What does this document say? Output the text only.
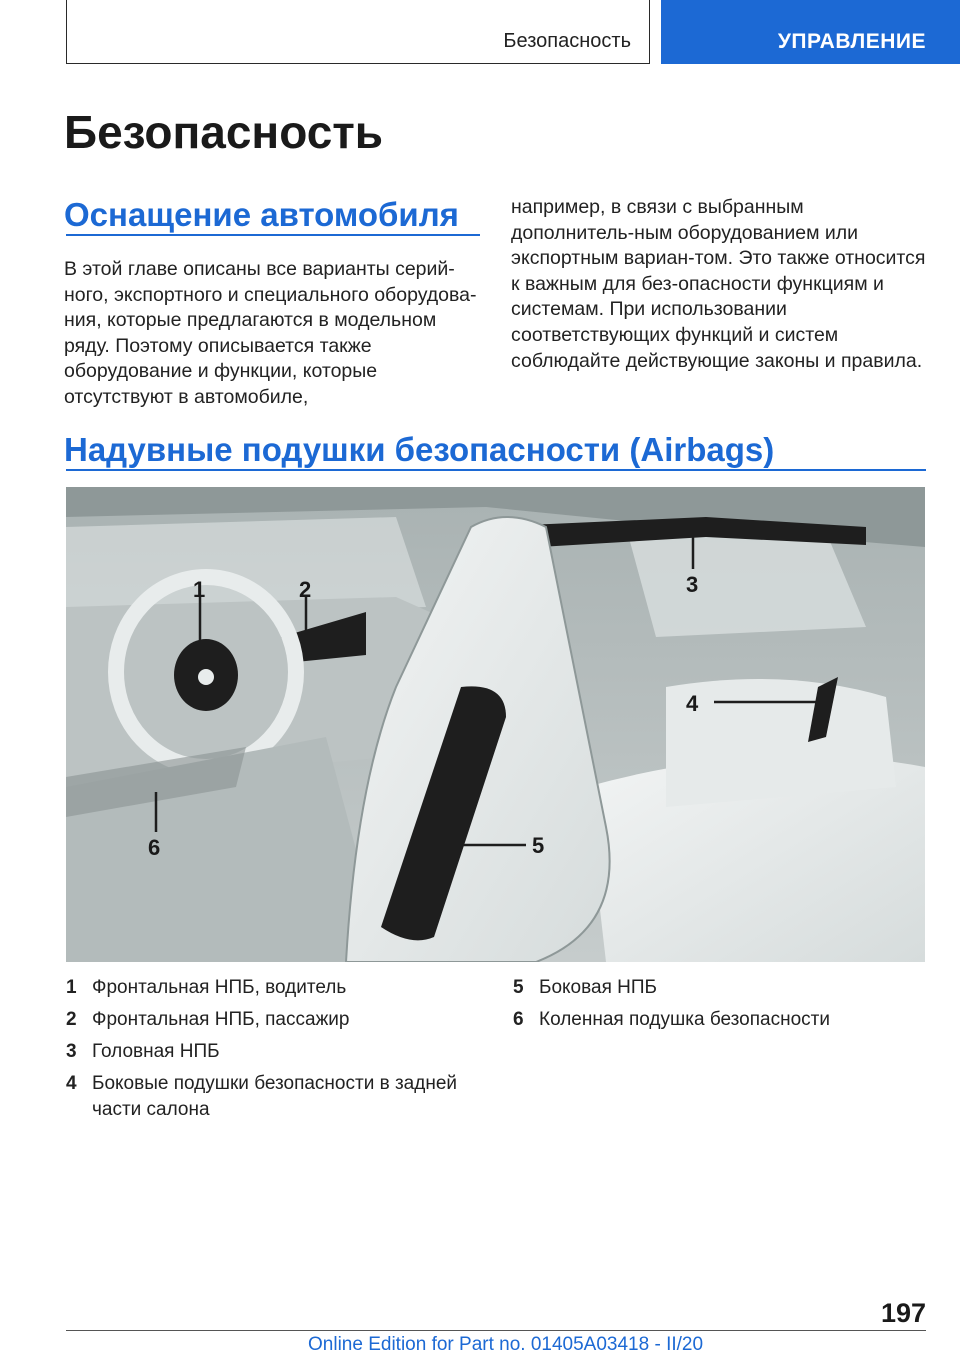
Безопасность	УПРАВЛЕНИЕ
Безопасность
Оснащение автомобиля

В этой главе описаны все варианты серий-ного, экспортного и специального оборудова-ния, которые предлагаются в модельном ряду. Поэтому описывается также оборудование и функции, которые отсутствуют в автомобиле,

например, в связи с выбранным дополнитель-ным оборудованием или экспортным вариан-том. Это также относится к важным для без-опасности функциям и системам. При использовании соответствующих функций и систем соблюдайте действующие законы и правила.

Надувные подушки безопасности (Airbags)
1	2	3
4
5
6
1 Фронтальная НПБ, водитель
2 Фронтальная НПБ, пассажир
3 Головная НПБ
4 Боковые подушки безопасности в задней части салона
5 Боковая НПБ
6 Коленная подушка безопасности
197
Online Edition for Part no. 01405A03418 - II/20
